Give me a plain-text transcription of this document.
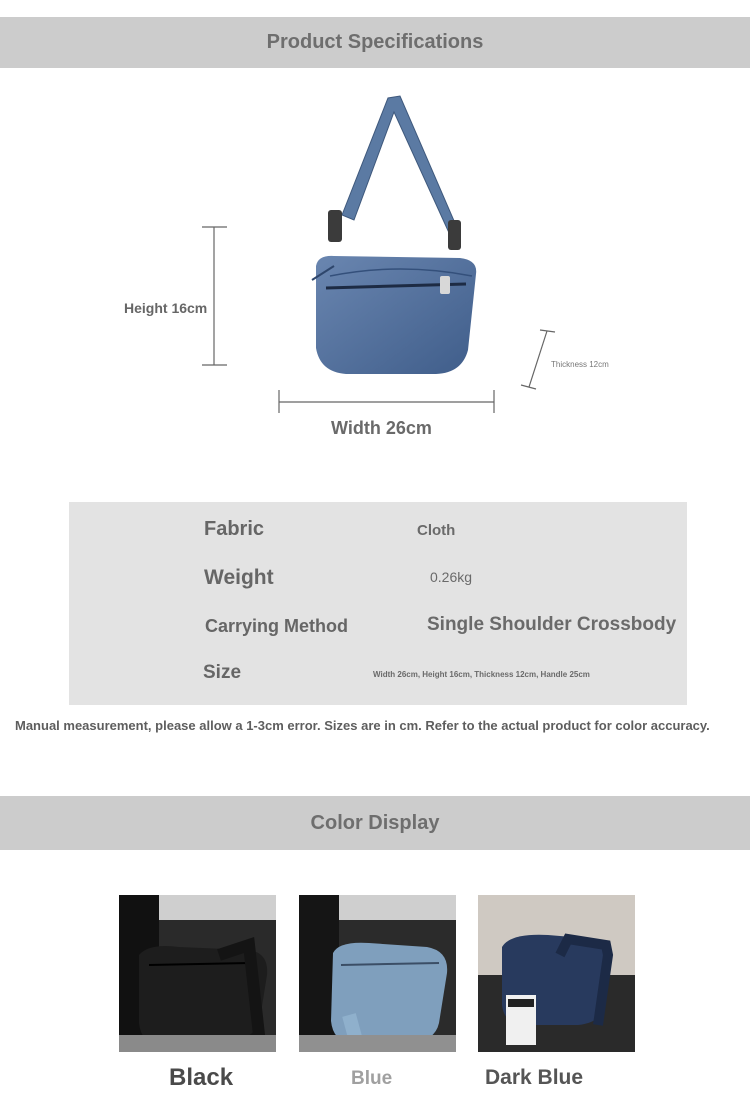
Product Specifications
Height 16cm
Width 26cm
Thickness 12cm
Fabric	Cloth
Weight	0.26kg
Carrying Method	Single Shoulder Crossbody
Size	Width 26cm, Height 16cm, Thickness 12cm, Handle 25cm
Manual measurement, please allow a 1-3cm error. Sizes are in cm. Refer to the actual product for color accuracy.
Color Display
Black	Blue	Dark Blue
